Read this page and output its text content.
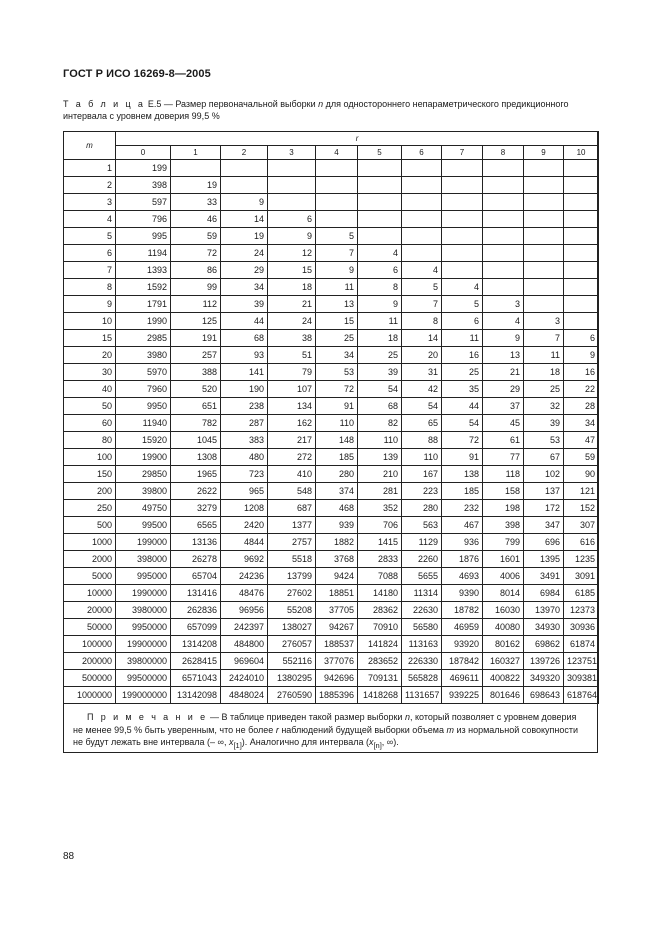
ГОСТ Р ИСО 16269-8—2005
Т а б л и ц а Е.5 — Размер первоначальной выборки n для одностороннего непараметрического предикционного интервала с уровнем доверия 99,5 %
m	r										
	0	1	2	3	4	5	6	7	8	9	10
1	199										
2	398	19									
3	597	33	9								
4	796	46	14	6							
5	995	59	19	9	5						
6	1194	72	24	12	7	4					
7	1393	86	29	15	9	6	4				
8	1592	99	34	18	11	8	5	4			
9	1791	112	39	21	13	9	7	5	3		
10	1990	125	44	24	15	11	8	6	4	3	
15	2985	191	68	38	25	18	14	11	9	7	6
20	3980	257	93	51	34	25	20	16	13	11	9
30	5970	388	141	79	53	39	31	25	21	18	16
40	7960	520	190	107	72	54	42	35	29	25	22
50	9950	651	238	134	91	68	54	44	37	32	28
60	11940	782	287	162	110	82	65	54	45	39	34
80	15920	1045	383	217	148	110	88	72	61	53	47
100	19900	1308	480	272	185	139	110	91	77	67	59
150	29850	1965	723	410	280	210	167	138	118	102	90
200	39800	2622	965	548	374	281	223	185	158	137	121
250	49750	3279	1208	687	468	352	280	232	198	172	152
500	99500	6565	2420	1377	939	706	563	467	398	347	307
1000	199000	13136	4844	2757	1882	1415	1129	936	799	696	616
2000	398000	26278	9692	5518	3768	2833	2260	1876	1601	1395	1235
5000	995000	65704	24236	13799	9424	7088	5655	4693	4006	3491	3091
10000	1990000	131416	48476	27602	18851	14180	11314	9390	8014	6984	6185
20000	3980000	262836	96956	55208	37705	28362	22630	18782	16030	13970	12373
50000	9950000	657099	242397	138027	94267	70910	56580	46959	40080	34930	30936
100000	19900000	1314208	484800	276057	188537	141824	113163	93920	80162	69862	61874
200000	39800000	2628415	969604	552116	377076	283652	226330	187842	160327	139726	123751
500000	99500000	6571043	2424010	1380295	942696	709131	565828	469611	400822	349320	309381
1000000	199000000	13142098	4848024	2760590	1885396	1418268	1131657	939225	801646	698643	618764
П р и м е ч а н и е — В таблице приведен такой размер выборки n, который позволяет с уровнем доверия не менее 99,5 % быть уверенным, что не более r наблюдений будущей выборки объема m из нормальной совокупности не будут лежать вне интервала (– ∞, $x_{[1]}$). Аналогично для интервала ($x_{[n]}$, ∞).
88
